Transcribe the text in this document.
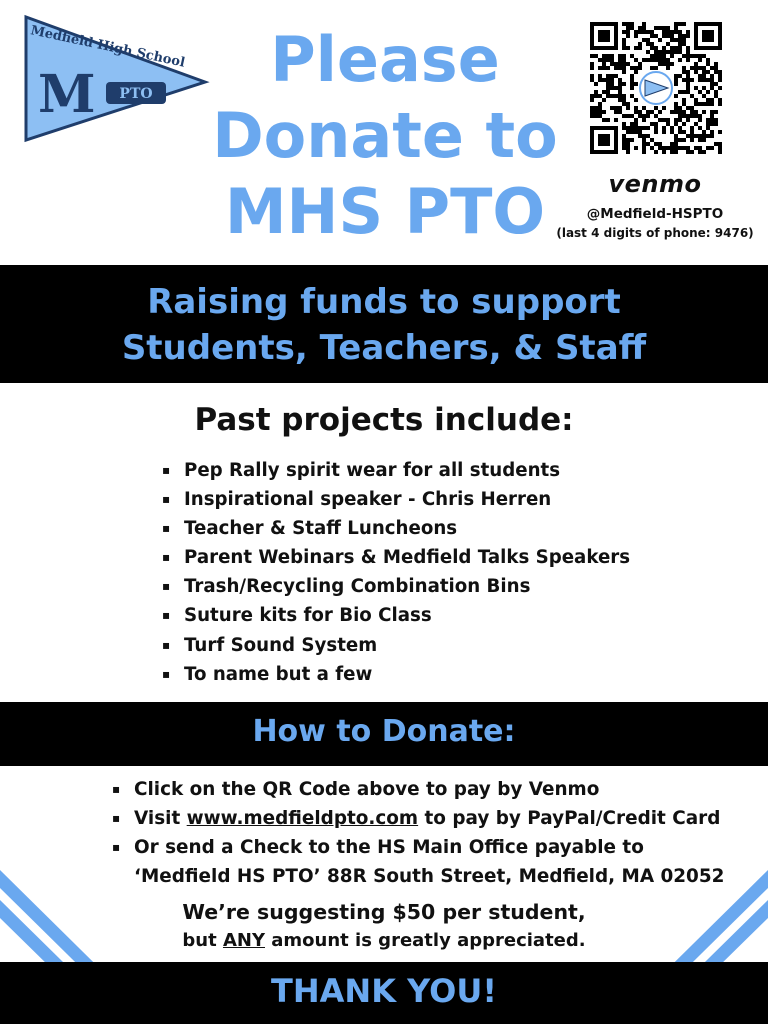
Medfield High School
M PTO	Please
Donate to
MHS PTO	venmo
@Medfield-HSPTO
(last 4 digits of phone: 9476)
Raising funds to support
Students, Teachers, & Staff
Past projects include:
▪ Pep Rally spirit wear for all students
▪ Inspirational speaker - Chris Herren
▪ Teacher & Staff Luncheons
▪ Parent Webinars & Medfield Talks Speakers
▪ Trash/Recycling Combination Bins
▪ Suture kits for Bio Class
▪ Turf Sound System
▪ To name but a few
How to Donate:
▪ Click on the QR Code above to pay by Venmo
▪ Visit www.medfieldpto.com to pay by PayPal/Credit Card
▪ Or send a Check to the HS Main Office payable to
‘Medfield HS PTO’ 88R South Street, Medfield, MA 02052
We’re suggesting $50 per student,
but ANY amount is greatly appreciated.
THANK YOU!
